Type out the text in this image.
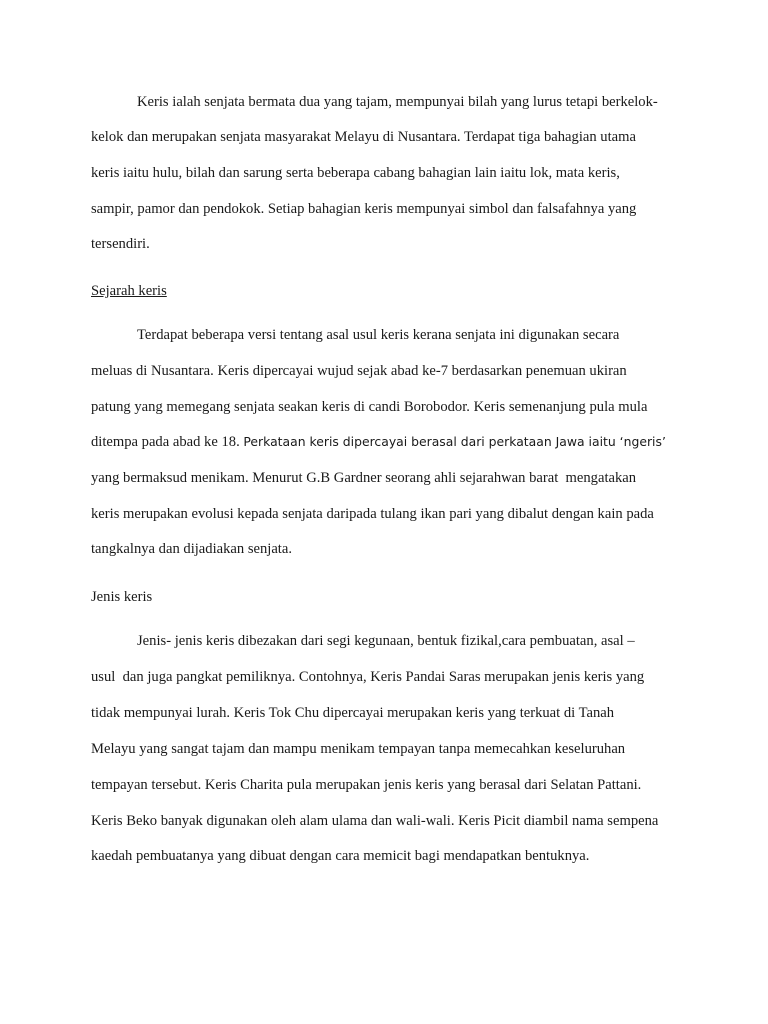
Keris ialah senjata bermata dua yang tajam, mempunyai bilah yang lurus tetapi berkelok-
kelok dan merupakan senjata masyarakat Melayu di Nusantara. Terdapat tiga bahagian utama
keris iaitu hulu, bilah dan sarung serta beberapa cabang bahagian lain iaitu lok, mata keris,
sampir, pamor dan pendokok. Setiap bahagian keris mempunyai simbol dan falsafahnya yang
tersendiri.
Sejarah keris
Terdapat beberapa versi tentang asal usul keris kerana senjata ini digunakan secara
meluas di Nusantara. Keris dipercayai wujud sejak abad ke-7 berdasarkan penemuan ukiran
patung yang memegang senjata seakan keris di candi Borobodor. Keris semenanjung pula mula
ditempa pada abad ke 18. Perkataan keris dipercayai berasal dari perkataan Jawa iaitu ‘ngeris’
yang bermaksud menikam. Menurut G.B Gardner seorang ahli sejarahwan barat  mengatakan
keris merupakan evolusi kepada senjata daripada tulang ikan pari yang dibalut dengan kain pada
tangkalnya dan dijadiakan senjata.
Jenis keris
Jenis- jenis keris dibezakan dari segi kegunaan, bentuk fizikal,cara pembuatan, asal –
usul  dan juga pangkat pemiliknya. Contohnya, Keris Pandai Saras merupakan jenis keris yang
tidak mempunyai lurah. Keris Tok Chu dipercayai merupakan keris yang terkuat di Tanah
Melayu yang sangat tajam dan mampu menikam tempayan tanpa memecahkan keseluruhan
tempayan tersebut. Keris Charita pula merupakan jenis keris yang berasal dari Selatan Pattani.
Keris Beko banyak digunakan oleh alam ulama dan wali-wali. Keris Picit diambil nama sempena
kaedah pembuatanya yang dibuat dengan cara memicit bagi mendapatkan bentuknya.
